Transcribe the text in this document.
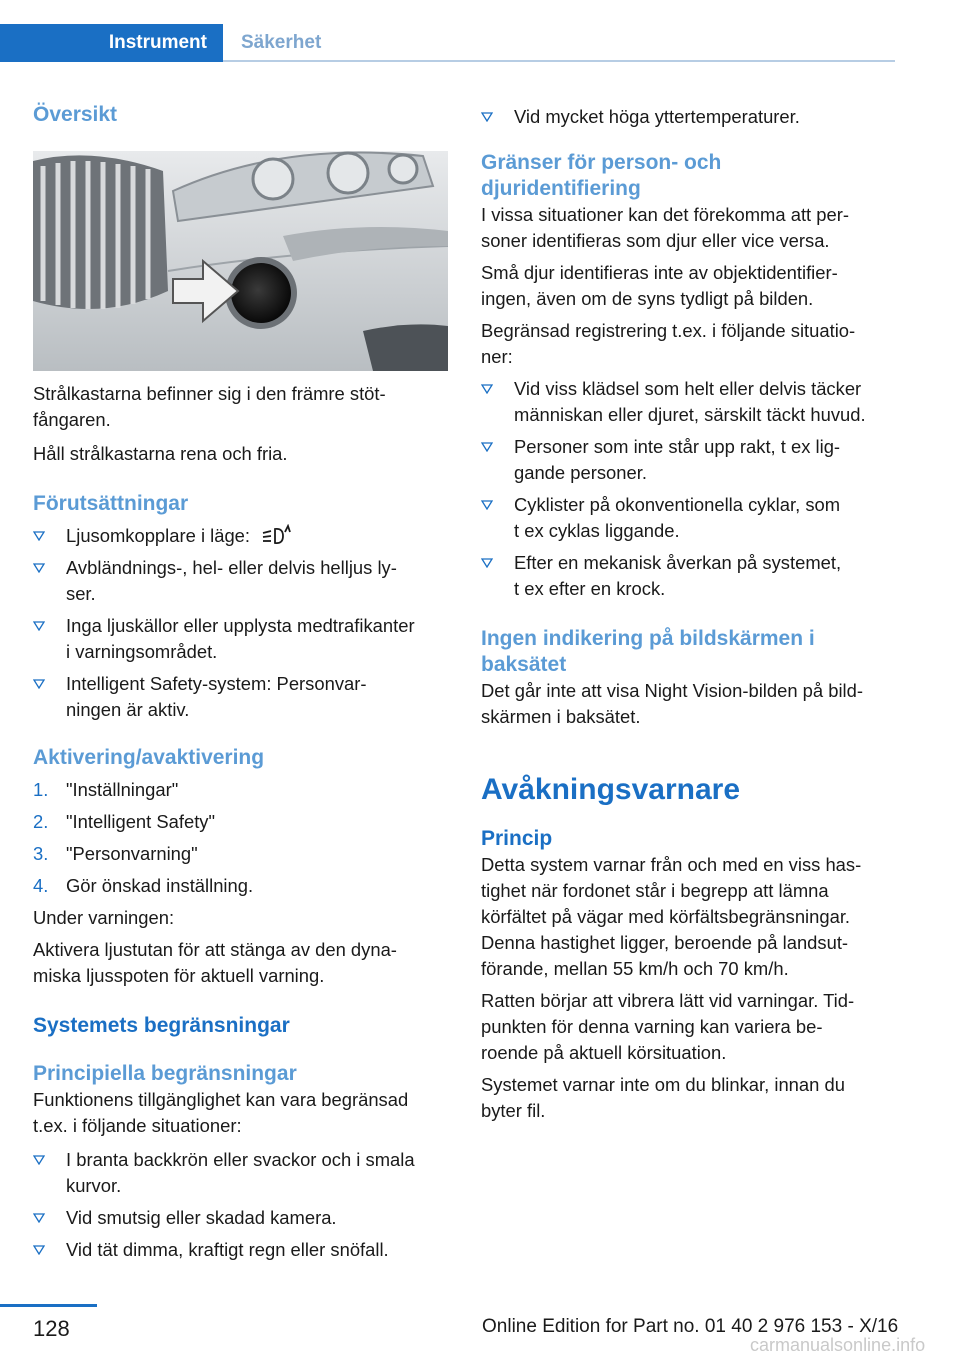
Instrument	Säkerhet
Översikt

Strålkastarna befinner sig i den främre stöt-
fångaren.

Håll strålkastarna rena och fria.

Förutsättningar
Ljusomkopplare i läge:
Avbländnings-, hel- eller delvis helljus ly-
ser.
Inga ljuskällor eller upplysta medtrafikanter
i varningsområdet.
Intelligent Safety-system: Personvar-
ningen är aktiv.
Aktivering/avaktivering
1. "Inställningar"
2. "Intelligent Safety"
3. "Personvarning"
4. Gör önskad inställning.

Under varningen:

Aktivera ljustutan för att stänga av den dyna-
miska ljusspoten för aktuell varning.

Systemets begränsningar
Principiella begränsningar

Funktionens tillgänglighet kan vara begränsad
t.ex. i följande situationer:

I branta backkrön eller svackor och i smala
kurvor.
Vid smutsig eller skadad kamera.
Vid tät dimma, kraftigt regn eller snöfall.
Vid mycket höga yttertemperaturer.
Gränser för person- och
djuridentifiering

I vissa situationer kan det förekomma att per-
soner identifieras som djur eller vice versa.

Små djur identifieras inte av objektidentifier-
ingen, även om de syns tydligt på bilden.

Begränsad registrering t.ex. i följande situatio-
ner:

Vid viss klädsel som helt eller delvis täcker
människan eller djuret, särskilt täckt huvud.
Personer som inte står upp rakt, t ex lig-
gande personer.
Cyklister på okonventionella cyklar, som
t ex cyklas liggande.
Efter en mekanisk åverkan på systemet,
t ex efter en krock.
Ingen indikering på bildskärmen i
baksätet

Det går inte att visa Night Vision-bilden på bild-
skärmen i baksätet.

Avåkningsvarnare
Princip

Detta system varnar från och med en viss has-
tighet när fordonet står i begrepp att lämna
körfältet på vägar med körfältsbegränsningar.
Denna hastighet ligger, beroende på landsut-
förande, mellan 55 km/h och 70 km/h.

Ratten börjar att vibrera lätt vid varningar. Tid-
punkten för denna varning kan variera be-
roende på aktuell körsituation.

Systemet varnar inte om du blinkar, innan du
byter fil.

128	Online Edition for Part no. 01 40 2 976 153 - X/16
carmanualsonline.info
